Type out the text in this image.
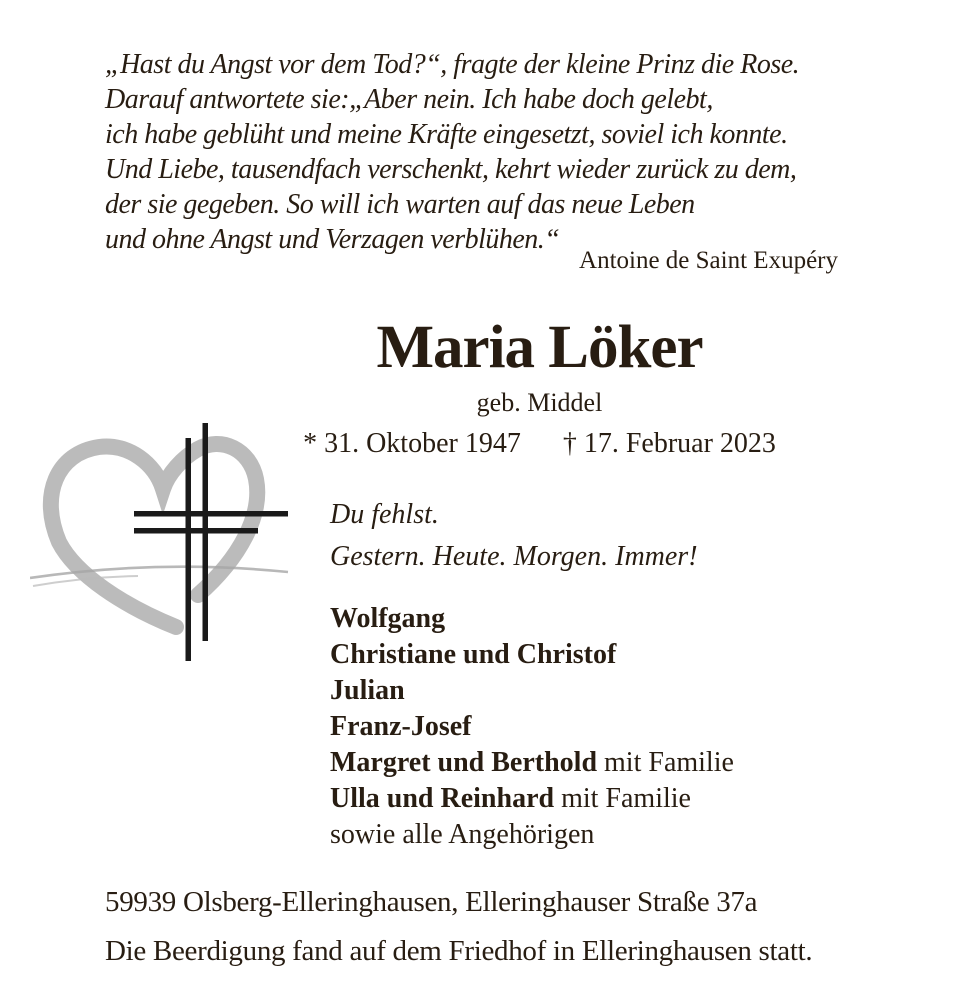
„Hast du Angst vor dem Tod?“, fragte der kleine Prinz die Rose.
Darauf antwortete sie:„Aber nein. Ich habe doch gelebt,
ich habe geblüht und meine Kräfte eingesetzt, soviel ich konnte.
Und Liebe, tausendfach verschenkt, kehrt wieder zurück zu dem,
der sie gegeben. So will ich warten auf das neue Leben
und ohne Angst und Verzagen verblühen.“
Antoine de Saint Exupéry
Maria Löker
geb. Middel
* 31. Oktober 1947 † 17. Februar 2023
Du fehlst.
Gestern. Heute. Morgen. Immer!
Wolfgang
Christiane und Christof
Julian
Franz-Josef
Margret und Berthold mit Familie
Ulla und Reinhard mit Familie
sowie alle Angehörigen
59939 Olsberg-Elleringhausen, Elleringhauser Straße 37a
Die Beerdigung fand auf dem Friedhof in Elleringhausen statt.
